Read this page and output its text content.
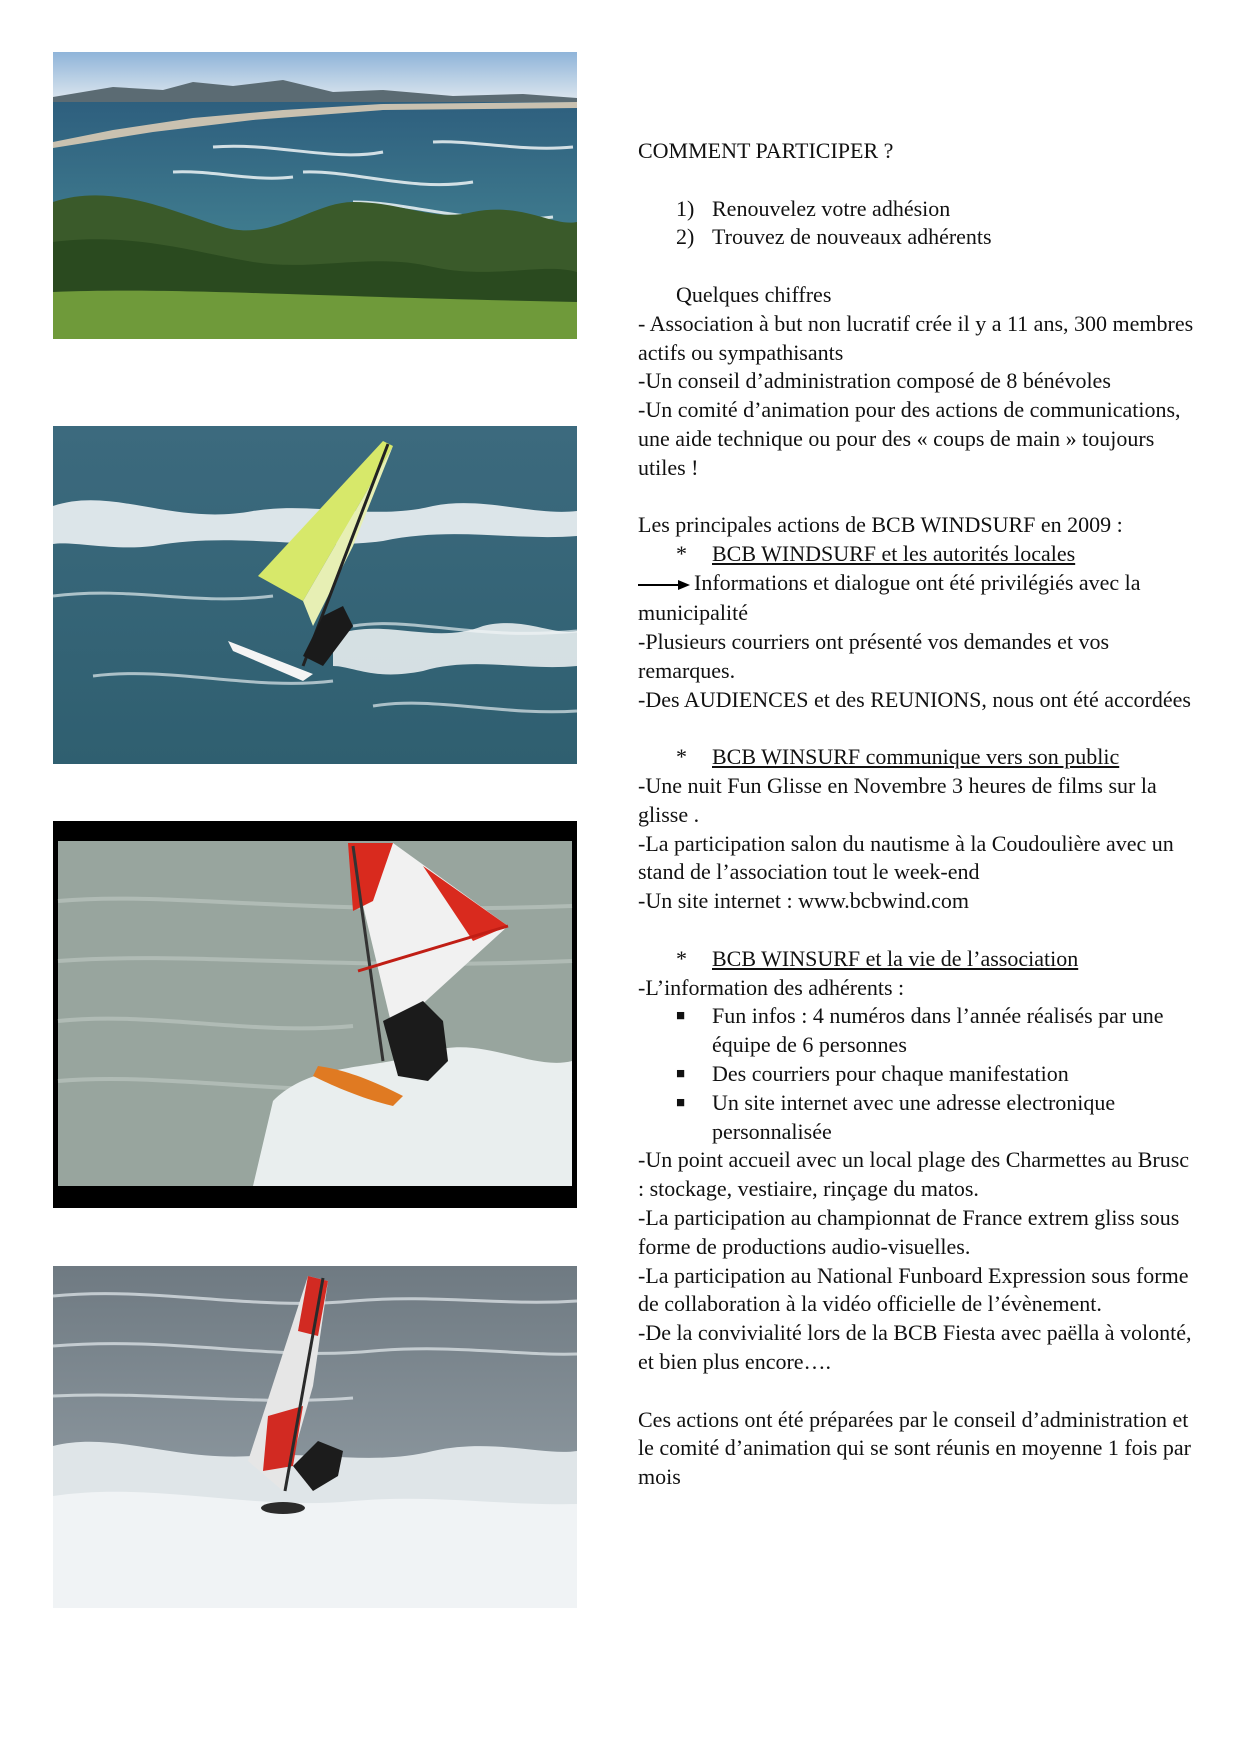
COMMENT PARTICIPER ?

1) Renouvelez votre adhésion

2) Trouvez de nouveaux adhérents

Quelques chiffres

- Association à but non lucratif crée il y a 11 ans, 300 membres actifs ou sympathisants

-Un conseil d’administration composé de 8 bénévoles

-Un comité d’animation pour des actions de communications, une aide technique ou pour des « coups de main » toujours utiles !

Les principales actions de BCB WINDSURF en 2009 :

* BCB WINDSURF et les autorités locales

Informations et dialogue ont été privilégiés avec la municipalité

-Plusieurs courriers ont présenté vos demandes et vos remarques.

-Des AUDIENCES et des REUNIONS, nous ont été accordées

* BCB WINSURF communique vers son public

-Une nuit Fun Glisse en Novembre 3 heures de films sur la glisse .

-La participation salon du nautisme à la Coudoulière avec un stand de l’association tout le week-end

-Un site internet : www.bcbwind.com

* BCB WINSURF et la vie de l’association

-L’information des adhérents :

■	Fun infos : 4 numéros dans l’année réalisés par une équipe de 6 personnes
■	Des courriers pour chaque manifestation
■	Un site internet avec une adresse electronique personnalisée

-Un point accueil avec un local plage des Charmettes au Brusc : stockage, vestiaire, rinçage du matos.

-La participation au championnat de France extrem gliss sous forme de productions audio-visuelles.

-La participation au National Funboard Expression sous forme de collaboration à la vidéo officielle de l’évènement.

-De la convivialité lors de la BCB Fiesta avec paëlla à volonté, et bien plus encore….

Ces actions ont été préparées par le conseil d’administration et le comité d’animation qui se sont réunis en moyenne 1 fois par mois
